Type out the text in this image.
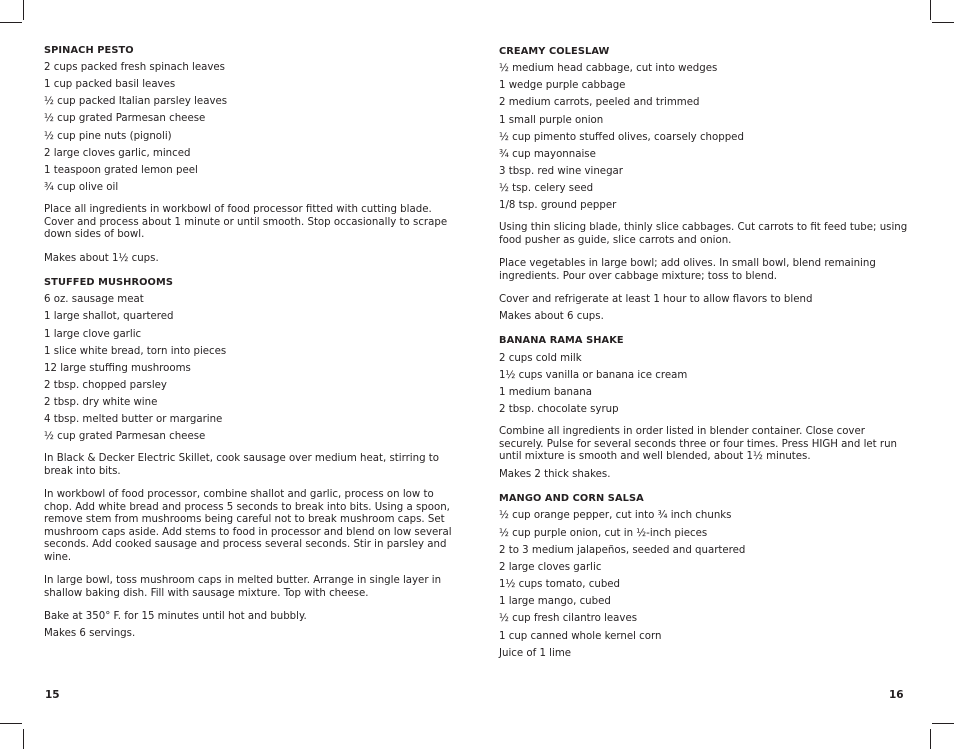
SPINACH PESTO
2 cups packed fresh spinach leaves
1 cup packed basil leaves
½ cup packed Italian parsley leaves
½ cup grated Parmesan cheese
½ cup pine nuts (pignoli)
2 large cloves garlic, minced
1 teaspoon grated lemon peel
¾ cup olive oil
Place all ingredients in workbowl of food processor fitted with cutting blade. Cover and process about 1 minute or until smooth. Stop occasionally to scrape down sides of bowl.
Makes about 1½ cups.
STUFFED MUSHROOMS
6 oz. sausage meat
1 large shallot, quartered
1 large clove garlic
1 slice white bread, torn into pieces
12 large stuffing mushrooms
2 tbsp. chopped parsley
2 tbsp. dry white wine
4 tbsp. melted butter or margarine
½ cup grated Parmesan cheese
In Black & Decker Electric Skillet, cook sausage over medium heat, stirring to break into bits.
In workbowl of food processor, combine shallot and garlic, process on low to chop. Add white bread and process 5 seconds to break into bits. Using a spoon, remove stem from mushrooms being careful not to break mushroom caps. Set mushroom caps aside. Add stems to food in processor and blend on low several seconds. Add cooked sausage and process several seconds. Stir in parsley and wine.
In large bowl, toss mushroom caps in melted butter. Arrange in single layer in shallow baking dish. Fill with sausage mixture. Top with cheese.
Bake at 350° F. for 15 minutes until hot and bubbly.
Makes 6 servings.
15
CREAMY COLESLAW
½ medium head cabbage, cut into wedges
1 wedge purple cabbage
2 medium carrots, peeled and trimmed
1 small purple onion
½ cup pimento stuffed olives, coarsely chopped
¾ cup mayonnaise
3 tbsp. red wine vinegar
½ tsp. celery seed
1/8 tsp. ground pepper
Using thin slicing blade, thinly slice cabbages. Cut carrots to fit feed tube; using food pusher as guide, slice carrots and onion.
Place vegetables in large bowl; add olives. In small bowl, blend remaining ingredients. Pour over cabbage mixture; toss to blend.
Cover and refrigerate at least 1 hour to allow flavors to blend
Makes about 6 cups.
BANANA RAMA SHAKE
2 cups cold milk
1½ cups vanilla or banana ice cream
1 medium banana
2 tbsp. chocolate syrup
Combine all ingredients in order listed in blender container. Close cover securely. Pulse for several seconds three or four times. Press HIGH and let run until mixture is smooth and well blended, about 1½ minutes.
Makes 2 thick shakes.
MANGO AND CORN SALSA
½ cup orange pepper, cut into ¾ inch chunks
½ cup purple onion, cut in ½-inch pieces
2 to 3 medium jalapeños, seeded and quartered
2 large cloves garlic
1½ cups tomato, cubed
1 large mango, cubed
½ cup fresh cilantro leaves
1 cup canned whole kernel corn
Juice of 1 lime
16
